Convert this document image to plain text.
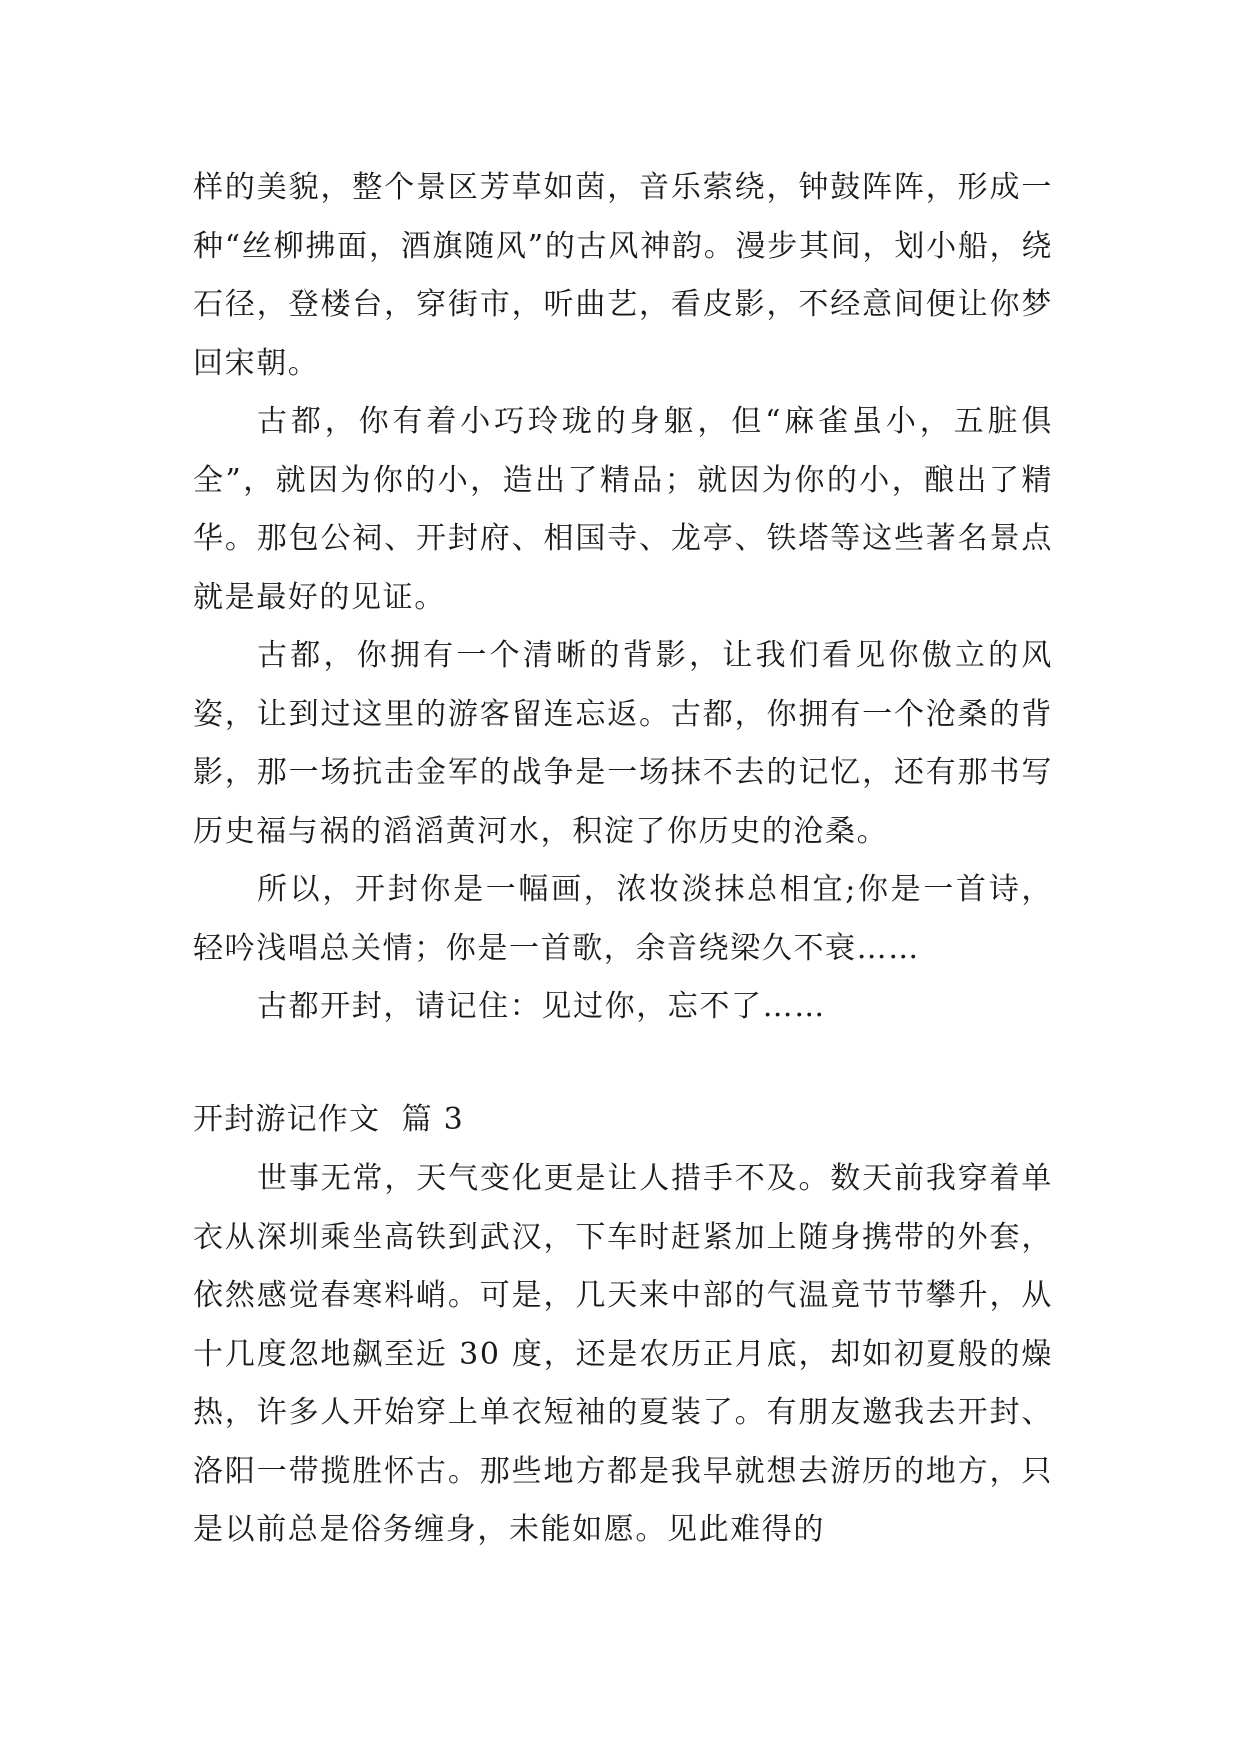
样的美貌，整个景区芳草如茵，音乐萦绕，钟鼓阵阵，形成一种“丝柳拂面，酒旗随风”的古风神韵。漫步其间，划小船，绕石径，登楼台，穿街市，听曲艺，看皮影，不经意间便让你梦回宋朝。

古都，你有着小巧玲珑的身躯，但“麻雀虽小，五脏俱全”，就因为你的小，造出了精品；就因为你的小，酿出了精华。那包公祠、开封府、相国寺、龙亭、铁塔等这些著名景点就是最好的见证。

古都，你拥有一个清晰的背影，让我们看见你傲立的风姿，让到过这里的游客留连忘返。古都，你拥有一个沧桑的背影，那一场抗击金军的战争是一场抹不去的记忆，还有那书写历史福与祸的滔滔黄河水，积淀了你历史的沧桑。

所以，开封你是一幅画，浓妆淡抹总相宜;你是一首诗，轻吟浅唱总关情；你是一首歌，余音绕梁久不衰……

古都开封，请记住：见过你，忘不了……

开封游记作文  篇 3

世事无常，天气变化更是让人措手不及。数天前我穿着单衣从深圳乘坐高铁到武汉，下车时赶紧加上随身携带的外套，依然感觉春寒料峭。可是，几天来中部的气温竟节节攀升，从十几度忽地飙至近 30 度，还是农历正月底，却如初夏般的燥热，许多人开始穿上单衣短袖的夏装了。有朋友邀我去开封、洛阳一带揽胜怀古。那些地方都是我早就想去游历的地方，只是以前总是俗务缠身，未能如愿。见此难得的
